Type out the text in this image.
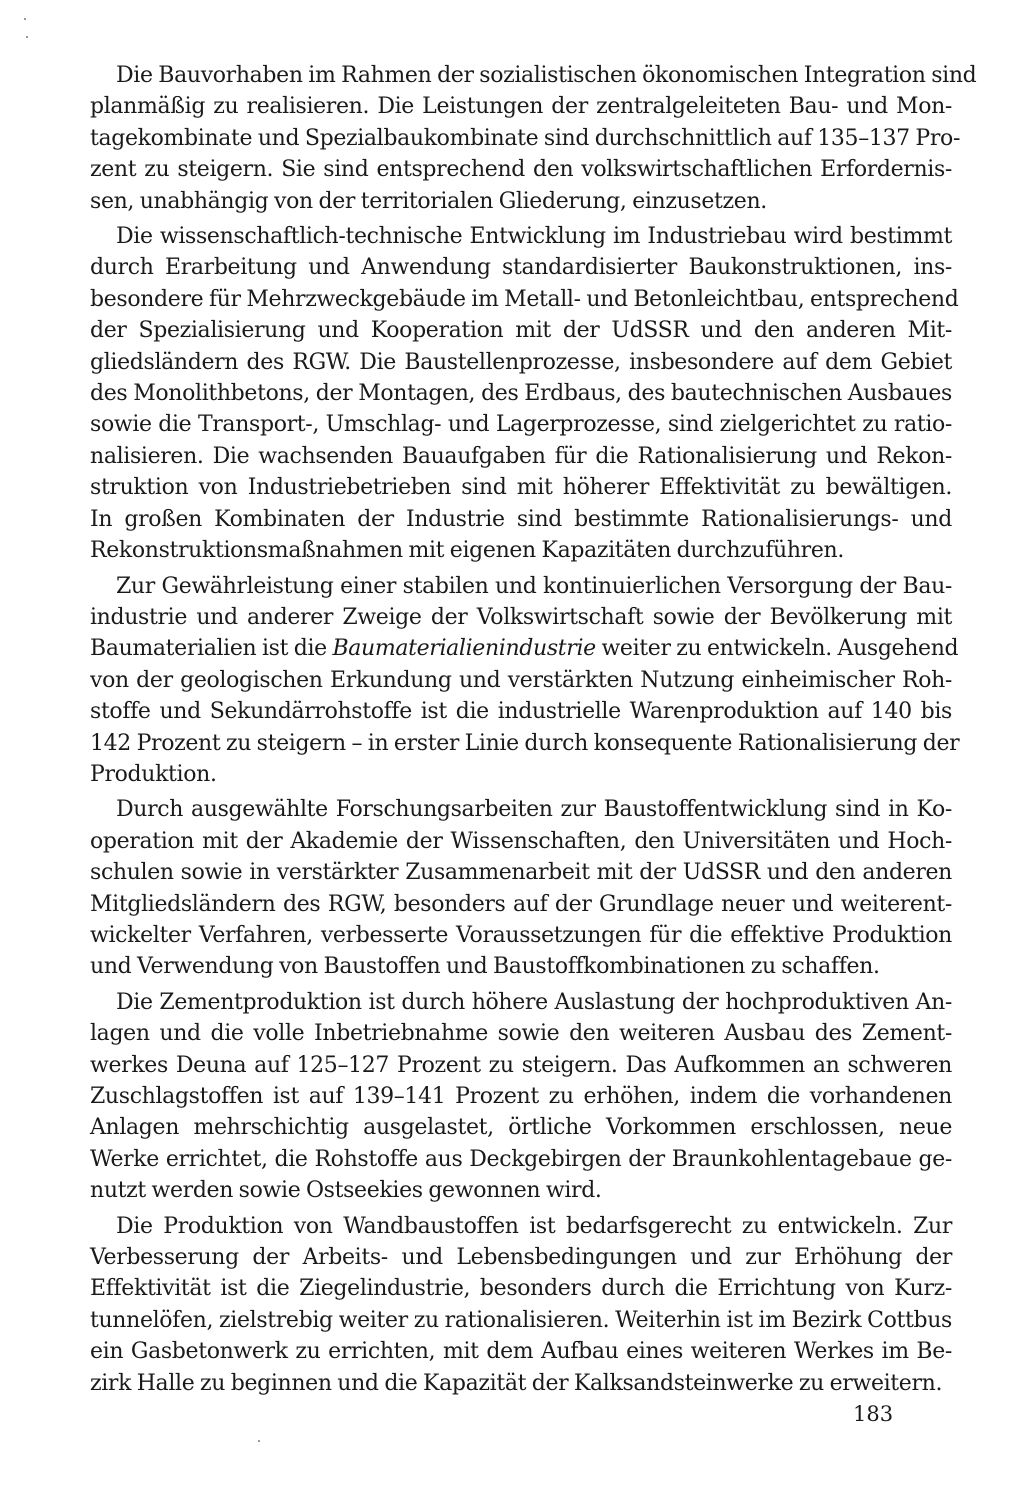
Die Bauvorhaben im Rahmen der sozialistischen ökonomischen Integration sind
planmäßig zu realisieren. Die Leistungen der zentralgeleiteten Bau- und Mon-
tagekombinate und Spezialbaukombinate sind durchschnittlich auf 135–137 Pro-
zent zu steigern. Sie sind entsprechend den volkswirtschaftlichen Erfordernis-
sen, unabhängig von der territorialen Gliederung, einzusetzen.
Die wissenschaftlich-technische Entwicklung im Industriebau wird bestimmt
durch Erarbeitung und Anwendung standardisierter Baukonstruktionen, ins-
besondere für Mehrzweckgebäude im Metall- und Betonleichtbau, entsprechend
der Spezialisierung und Kooperation mit der UdSSR und den anderen Mit-
gliedsländern des RGW. Die Baustellenprozesse, insbesondere auf dem Gebiet
des Monolithbetons, der Montagen, des Erdbaus, des bautechnischen Ausbaues
sowie die Transport-, Umschlag- und Lagerprozesse, sind zielgerichtet zu ratio-
nalisieren. Die wachsenden Bauaufgaben für die Rationalisierung und Rekon-
struktion von Industriebetrieben sind mit höherer Effektivität zu bewältigen.
In großen Kombinaten der Industrie sind bestimmte Rationalisierungs- und
Rekonstruktionsmaßnahmen mit eigenen Kapazitäten durchzuführen.
Zur Gewährleistung einer stabilen und kontinuierlichen Versorgung der Bau-
industrie und anderer Zweige der Volkswirtschaft sowie der Bevölkerung mit
Baumaterialien ist die Baumaterialienindustrie weiter zu entwickeln. Ausgehend
von der geologischen Erkundung und verstärkten Nutzung einheimischer Roh-
stoffe und Sekundärrohstoffe ist die industrielle Warenproduktion auf 140 bis
142 Prozent zu steigern – in erster Linie durch konsequente Rationalisierung der
Produktion.
Durch ausgewählte Forschungsarbeiten zur Baustoffentwicklung sind in Ko-
operation mit der Akademie der Wissenschaften, den Universitäten und Hoch-
schulen sowie in verstärkter Zusammenarbeit mit der UdSSR und den anderen
Mitgliedsländern des RGW, besonders auf der Grundlage neuer und weiterent-
wickelter Verfahren, verbesserte Voraussetzungen für die effektive Produktion
und Verwendung von Baustoffen und Baustoffkombinationen zu schaffen.
Die Zementproduktion ist durch höhere Auslastung der hochproduktiven An-
lagen und die volle Inbetriebnahme sowie den weiteren Ausbau des Zement-
werkes Deuna auf 125–127 Prozent zu steigern. Das Aufkommen an schweren
Zuschlagstoffen ist auf 139–141 Prozent zu erhöhen, indem die vorhandenen
Anlagen mehrschichtig ausgelastet, örtliche Vorkommen erschlossen, neue
Werke errichtet, die Rohstoffe aus Deckgebirgen der Braunkohlentagebaue ge-
nutzt werden sowie Ostseekies gewonnen wird.
Die Produktion von Wandbaustoffen ist bedarfsgerecht zu entwickeln. Zur
Verbesserung der Arbeits- und Lebensbedingungen und zur Erhöhung der
Effektivität ist die Ziegelindustrie, besonders durch die Errichtung von Kurz-
tunnelöfen, zielstrebig weiter zu rationalisieren. Weiterhin ist im Bezirk Cottbus
ein Gasbetonwerk zu errichten, mit dem Aufbau eines weiteren Werkes im Be-
zirk Halle zu beginnen und die Kapazität der Kalksandsteinwerke zu erweitern.
183
